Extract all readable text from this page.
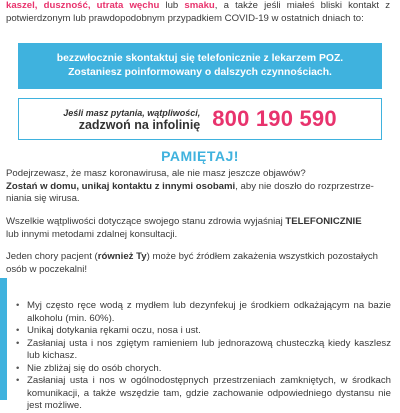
kaszel, duszność, utrata węchu lub smaku, a także jeśli miałeś bliski kontakt z potwierdzonym lub prawdopodobnym przypadkiem COVID-19 w ostatnich dniach to:
bezzwłocznie skontaktuj się telefonicznie z lekarzem POZ.
Zostaniesz poinformowany o dalszych czynnościach.
Jeśli masz pytania, wątpliwości,
zadzwoń na infolinię 800 190 590
PAMIĘTAJ!
Podejrzewasz, że masz koronawirusa, ale nie masz jeszcze objawów?
Zostań w domu, unikaj kontaktu z innymi osobami, aby nie doszło do rozprzestrze-
niania się wirusa.
Wszelkie wątpliwości dotyczące swojego stanu zdrowia wyjaśniaj TELEFONICZNIE
lub innymi metodami zdalnej konsultacji.
Jeden chory pacjent (również Ty) może być źródłem zakażenia wszystkich pozostałych osób w poczekalni!
• Myj często ręce wodą z mydłem lub dezynfekuj je środkiem odkażającym na bazie alkoholu (min. 60%).
• Unikaj dotykania rękami oczu, nosa i ust.
• Zasłaniaj usta i nos zgiętym ramieniem lub jednorazową chusteczką kiedy kaszlesz lub kichasz.
• Nie zbliżaj się do osób chorych.
• Zasłaniaj usta i nos w ogólnodostępnych przestrzeniach zamkniętych, w środkach komunikacji, a także wszędzie tam, gdzie zachowanie odpowiedniego dystansu nie jest możliwe.
